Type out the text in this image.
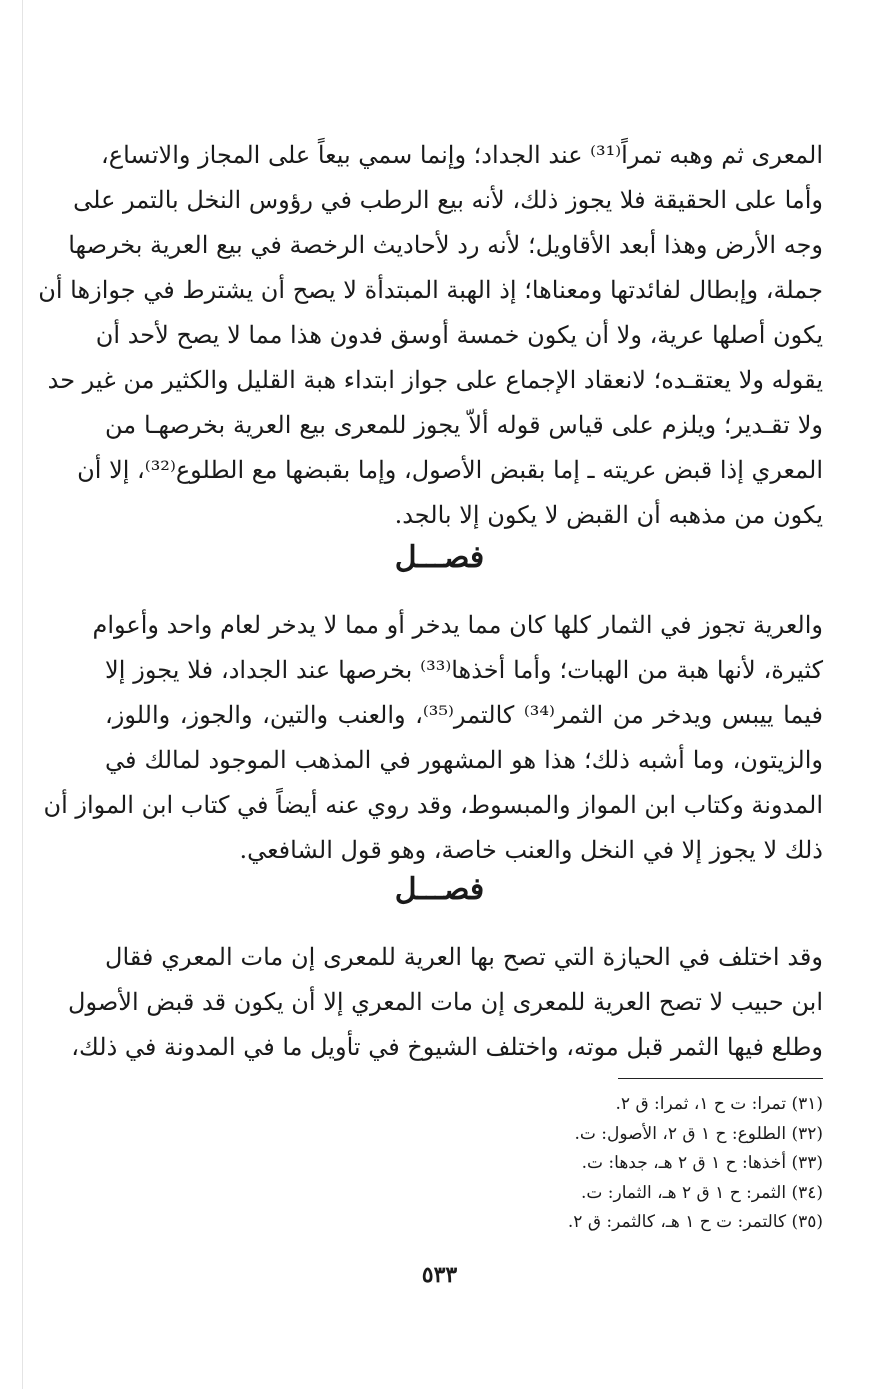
المعرى ثم وهبه تمراً⁽³¹⁾ عند الجداد؛ وإنما سمي بيعاً على المجاز والاتساع،
وأما على الحقيقة فلا يجوز ذلك، لأنه بيع الرطب في رؤوس النخل بالتمر على
وجه الأرض وهذا أبعد الأقاويل؛ لأنه رد لأحاديث الرخصة في بيع العرية بخرصها
جملة، وإبطال لفائدتها ومعناها؛ إذ الهبة المبتدأة لا يصح أن يشترط في جوازها أن
يكون أصلها عرية، ولا أن يكون خمسة أوسق فدون هذا مما لا يصح لأحد أن
يقوله ولا يعتقـده؛ لانعقاد الإجماع على جواز ابتداء هبة القليل والكثير من غير حد
ولا تقـدير؛ ويلزم على قياس قوله ألاّ يجوز للمعرى بيع العرية بخرصهـا من
المعري إذا قبض عريته ـ إما بقبض الأصول، وإما بقبضها مع الطلوع⁽³²⁾، إلا أن
يكون من مذهبه أن القبض لا يكون إلا بالجد.
فصـــل
والعرية تجوز في الثمار كلها كان مما يدخر أو مما لا يدخر لعام واحد وأعوام
كثيرة، لأنها هبة من الهبات؛ وأما أخذها⁽³³⁾ بخرصها عند الجداد، فلا يجوز إلا
فيما ييبس ويدخر من الثمر⁽³⁴⁾ كالتمر⁽³⁵⁾، والعنب والتين، والجوز، واللوز،
والزيتون، وما أشبه ذلك؛ هذا هو المشهور في المذهب الموجود لمالك في
المدونة وكتاب ابن المواز والمبسوط، وقد روي عنه أيضاً في كتاب ابن المواز أن
ذلك لا يجوز إلا في النخل والعنب خاصة، وهو قول الشافعي.
فصـــل
وقد اختلف في الحيازة التي تصح بها العرية للمعرى إن مات المعري فقال
ابن حبيب لا تصح العرية للمعرى إن مات المعري إلا أن يكون قد قبض الأصول
وطلع فيها الثمر قبل موته، واختلف الشيوخ في تأويل ما في المدونة في ذلك،
(٣١) تمرا: ت ح ١، ثمرا: ق ٢.
(٣٢) الطلوع: ح ١ ق ٢، الأصول: ت.
(٣٣) أخذها: ح ١ ق ٢ هـ، جدها: ت.
(٣٤) الثمر: ح ١ ق ٢ هـ، الثمار: ت.
(٣٥) كالتمر: ت ح ١ هـ، كالثمر: ق ٢.
٥٣٣
